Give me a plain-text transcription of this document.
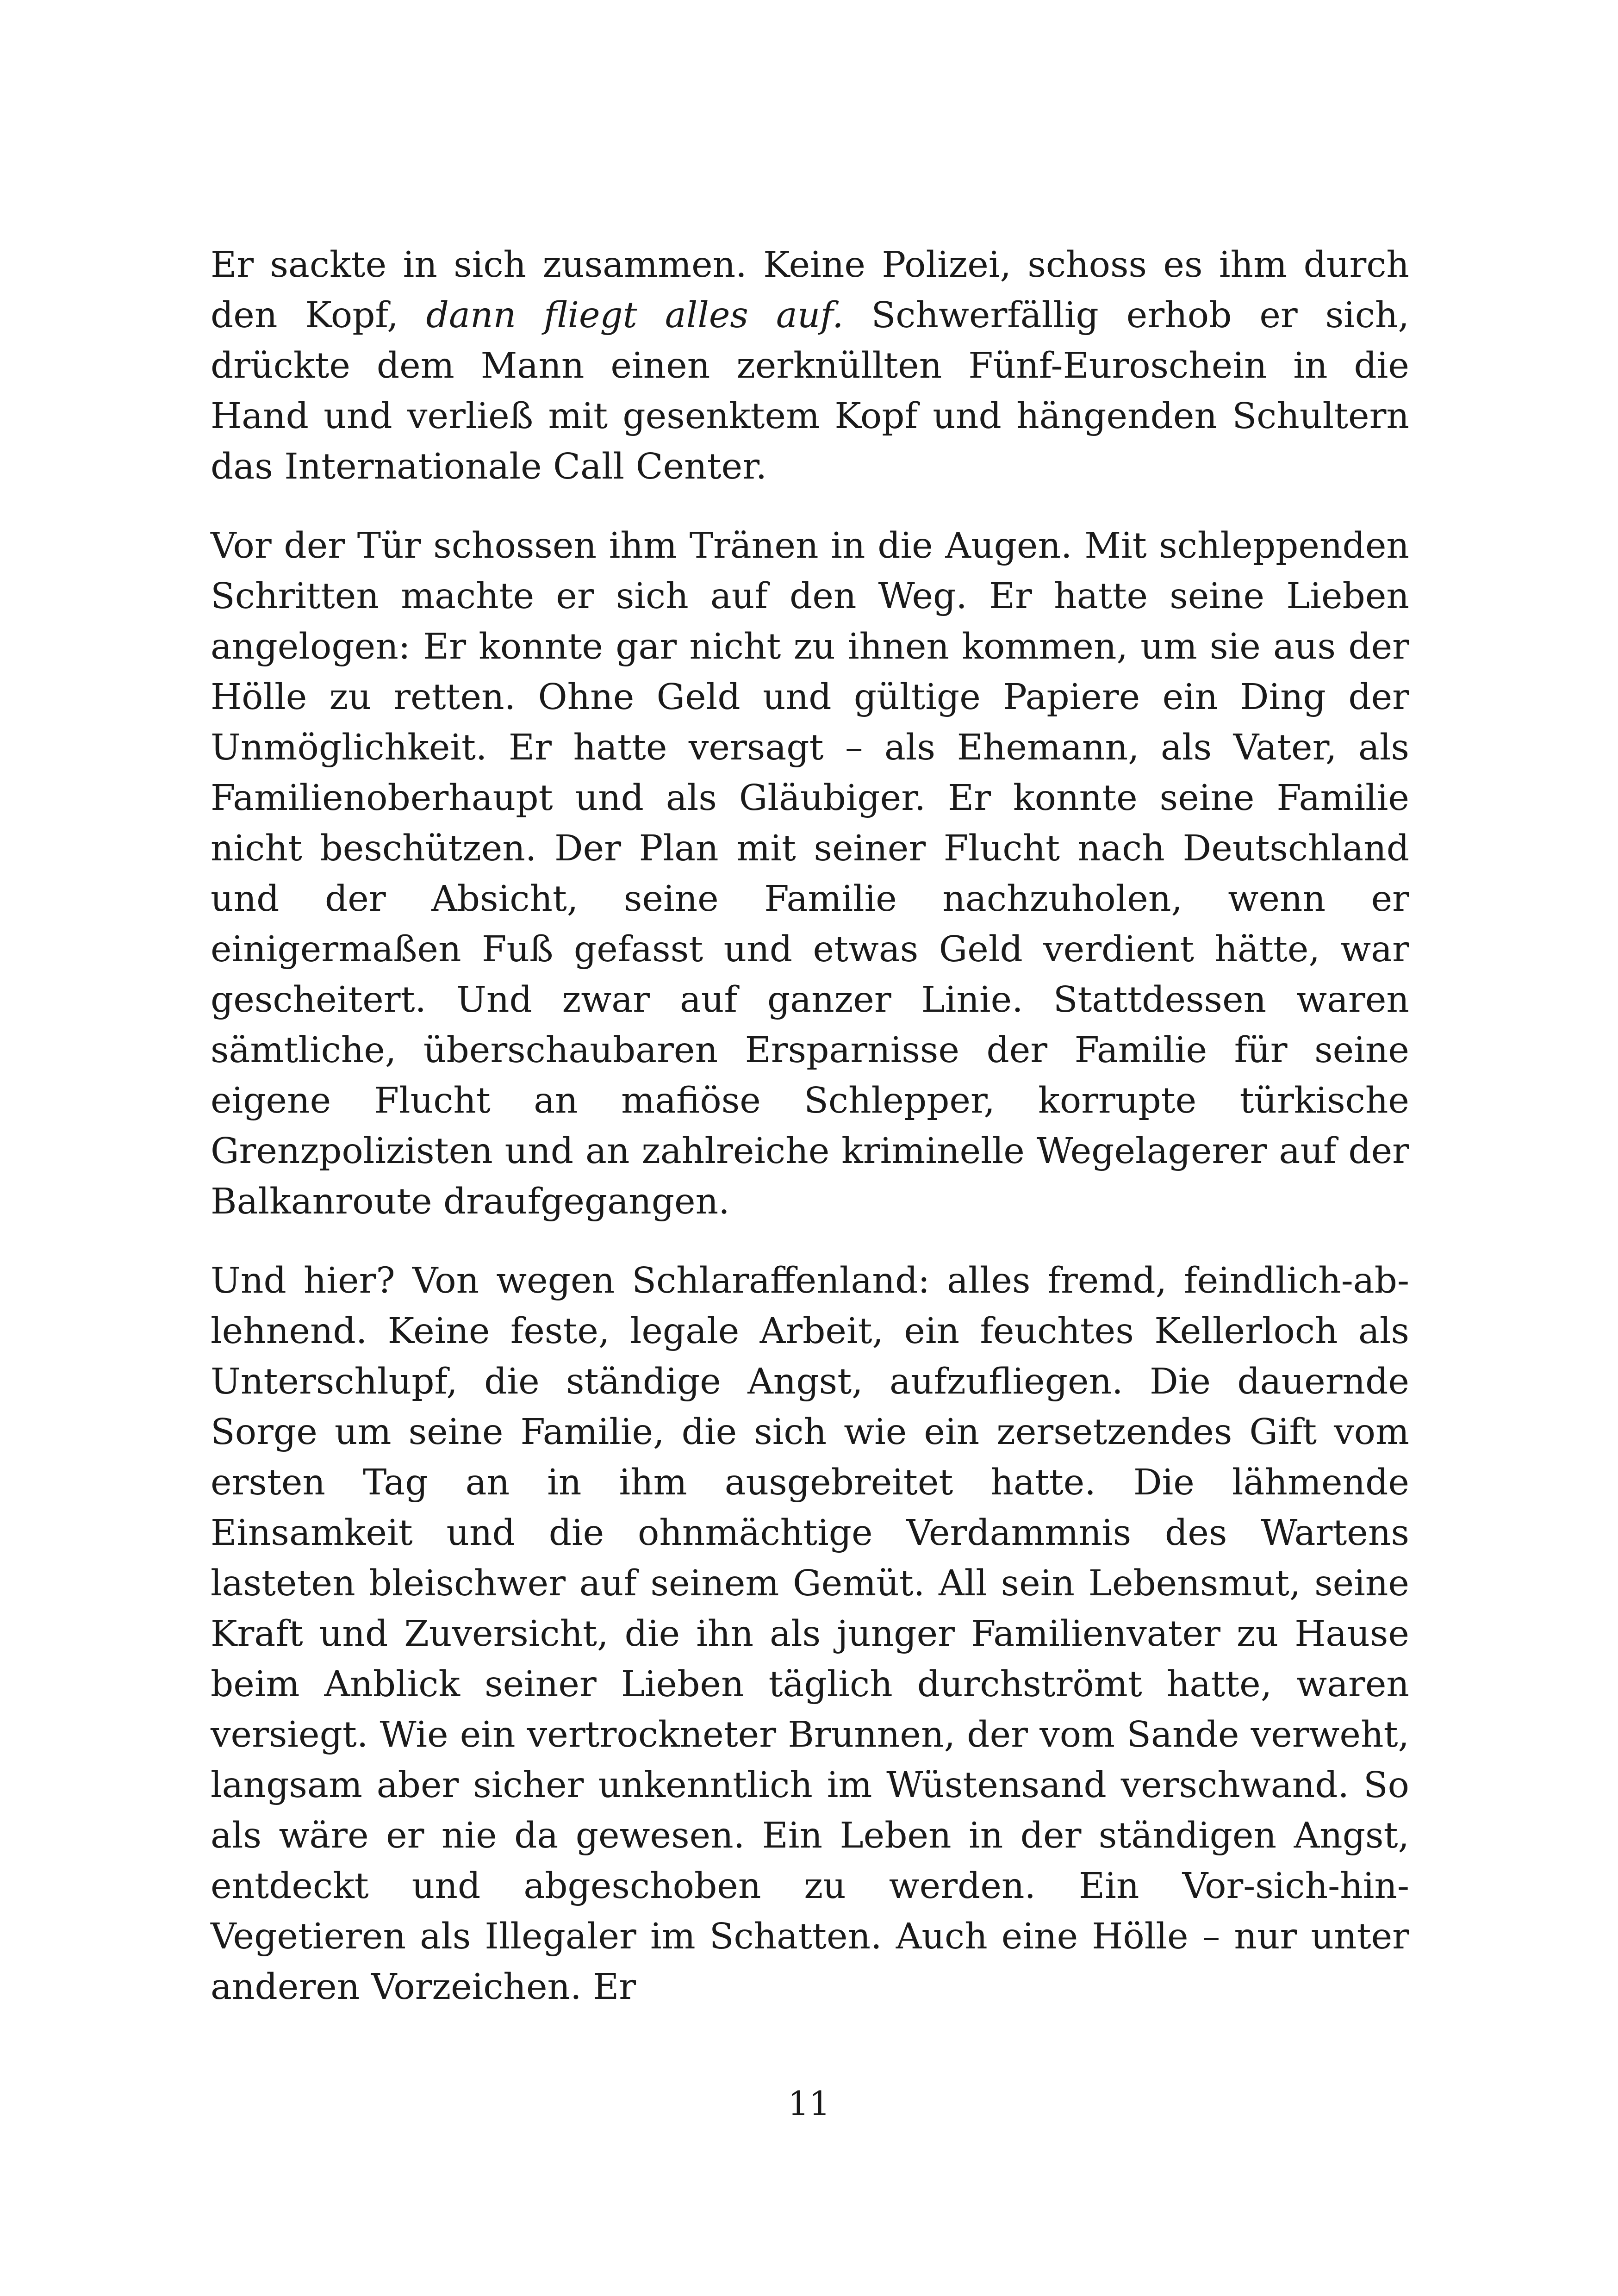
Er sackte in sich zusammen. Keine Polizei, schoss es ihm durch den Kopf, dann fliegt alles auf. Schwerfällig erhob er sich, drückte dem Mann einen zerknüllten Fünf-Euroschein in die Hand und verließ mit gesenktem Kopf und hängenden Schultern das Internationale Call Center.

Vor der Tür schossen ihm Tränen in die Augen. Mit schleppenden Schritten machte er sich auf den Weg. Er hatte seine Lieben angelogen: Er konnte gar nicht zu ihnen kommen, um sie aus der Hölle zu retten. Ohne Geld und gültige Papiere ein Ding der Unmöglichkeit. Er hatte versagt – als Ehemann, als Vater, als Familienoberhaupt und als Gläubiger. Er konnte seine Familie nicht beschützen. Der Plan mit seiner Flucht nach Deutschland und der Absicht, seine Familie nachzuholen, wenn er einigermaßen Fuß gefasst und etwas Geld verdient hätte, war gescheitert. Und zwar auf ganzer Linie. Stattdessen waren sämtliche, überschaubaren Ersparnisse der Familie für seine eigene Flucht an mafiöse Schlepper, korrupte türkische Grenzpolizisten und an zahlreiche kriminelle Wegelagerer auf der Balkanroute draufgegangen.

Und hier? Von wegen Schlaraffenland: alles fremd, feindlich-ablehnend. Keine feste, legale Arbeit, ein feuchtes Kellerloch als Unterschlupf, die ständige Angst, aufzufliegen. Die dauernde Sorge um seine Familie, die sich wie ein zersetzendes Gift vom ersten Tag an in ihm ausgebreitet hatte. Die lähmende Einsamkeit und die ohnmächtige Verdammnis des Wartens lasteten bleischwer auf seinem Gemüt. All sein Lebensmut, seine Kraft und Zuversicht, die ihn als junger Familienvater zu Hause beim Anblick seiner Lieben täglich durchströmt hatte, waren versiegt. Wie ein vertrockneter Brunnen, der vom Sande verweht, langsam aber sicher unkenntlich im Wüstensand verschwand. So als wäre er nie da gewesen. Ein Leben in der ständigen Angst, entdeckt und abgeschoben zu werden. Ein Vor-sich-hin-Vegetieren als Illegaler im Schatten. Auch eine Hölle – nur unter anderen Vorzeichen. Er

11
